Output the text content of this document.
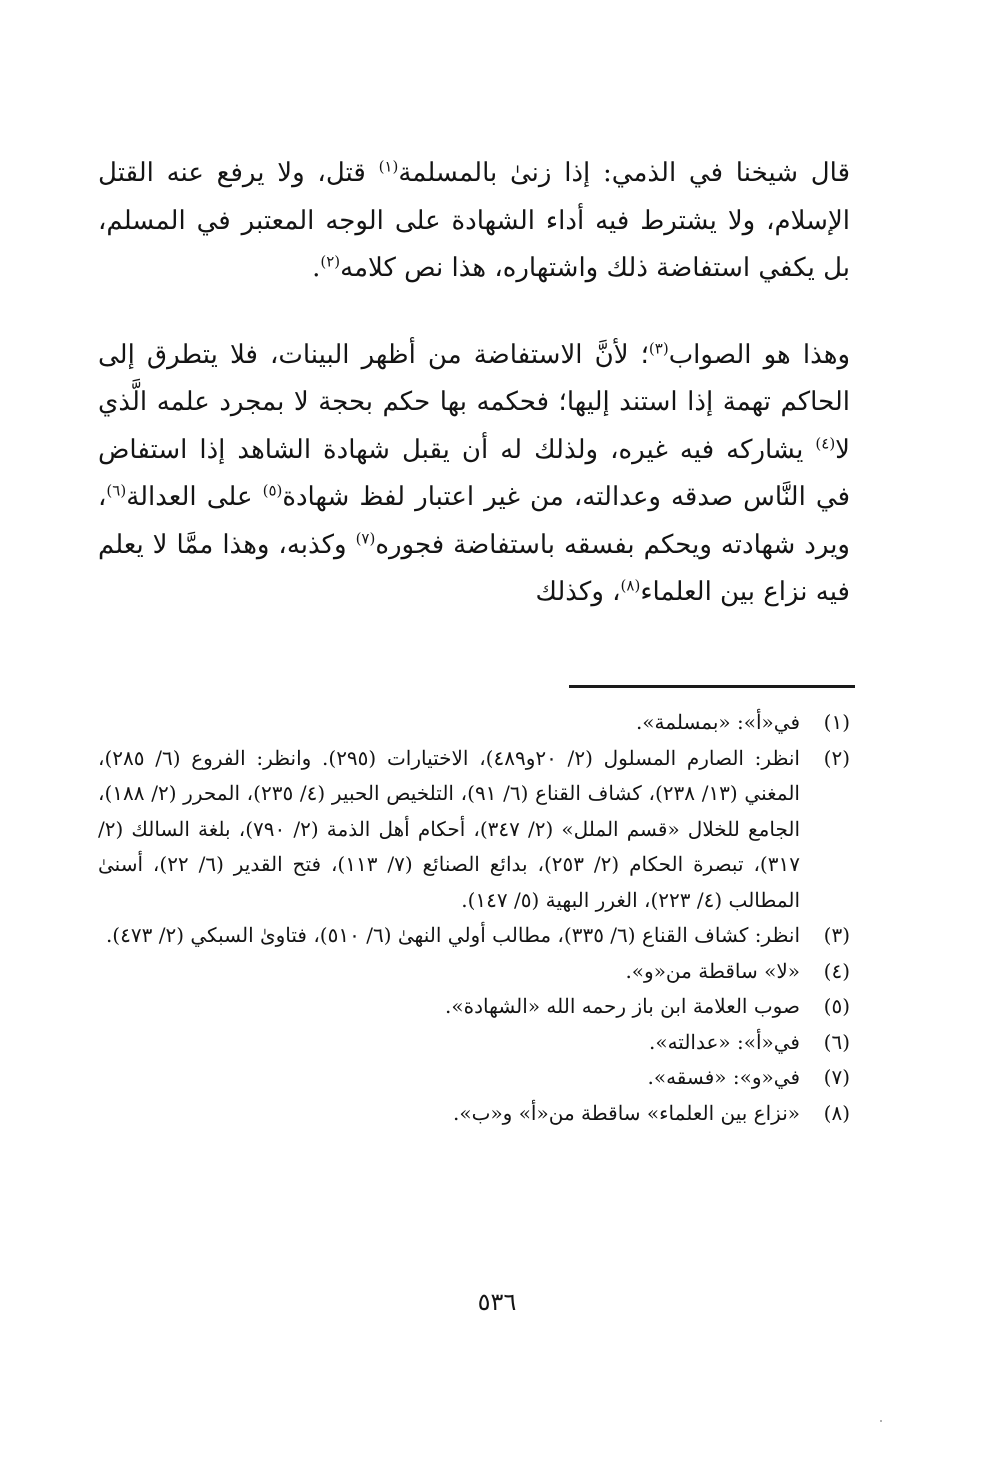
قال شيخنا في الذمي: إذا زنىٰ بالمسلمة$^{(١)}$ قتل، ولا يرفع عنه القتل الإسلام، ولا يشترط فيه أداء الشهادة على الوجه المعتبر في المسلم، بل يكفي استفاضة ذلك واشتهاره، هذا نص كلامه$^{(٢)}$.

وهذا هو الصواب$^{(٣)}$؛ لأنَّ الاستفاضة من أظهر البينات، فلا يتطرق إلى الحاكم تهمة إذا استند إليها؛ فحكمه بها حكم بحجة لا بمجرد علمه الَّذي لا$^{(٤)}$ يشاركه فيه غيره، ولذلك له أن يقبل شهادة الشاهد إذا استفاض في النَّاس صدقه وعدالته، من غير اعتبار لفظ شهادة$^{(٥)}$ على العدالة$^{(٦)}$، ويرد شهادته ويحكم بفسقه باستفاضة فجوره$^{(٧)}$ وكذبه، وهذا ممَّا لا يعلم فيه نزاع بين العلماء$^{(٨)}$، وكذلك

(١)
في«أ»: «بمسلمة».
(٢)
انظر: الصارم المسلول (٢/ ٢٠و٤٨٩)، الاختيارات (٢٩٥). وانظر: الفروع (٦/ ٢٨٥)، المغني (١٣/ ٢٣٨)، كشاف القناع (٦/ ٩١)، التلخيص الحبير (٤/ ٢٣٥)، المحرر (٢/ ١٨٨)، الجامع للخلال «قسم الملل» (٢/ ٣٤٧)، أحكام أهل الذمة (٢/ ٧٩٠)، بلغة السالك (٢/ ٣١٧)، تبصرة الحكام (٢/ ٢٥٣)، بدائع الصنائع (٧/ ١١٣)، فتح القدير (٦/ ٢٢)، أسنىٰ المطالب (٤/ ٢٢٣)، الغرر البهية (٥/ ١٤٧).
(٣)
انظر: كشاف القناع (٦/ ٣٣٥)، مطالب أولي النهىٰ (٦/ ٥١٠)، فتاوىٰ السبكي (٢/ ٤٧٣).
(٤)
«لا» ساقطة من«و».
(٥)
صوب العلامة ابن باز رحمه الله «الشهادة».
(٦)
في«أ»: «عدالته».
(٧)
في«و»: «فسقه».
(٨)
«نزاع بين العلماء» ساقطة من«أ» و«ب».
٥٣٦
